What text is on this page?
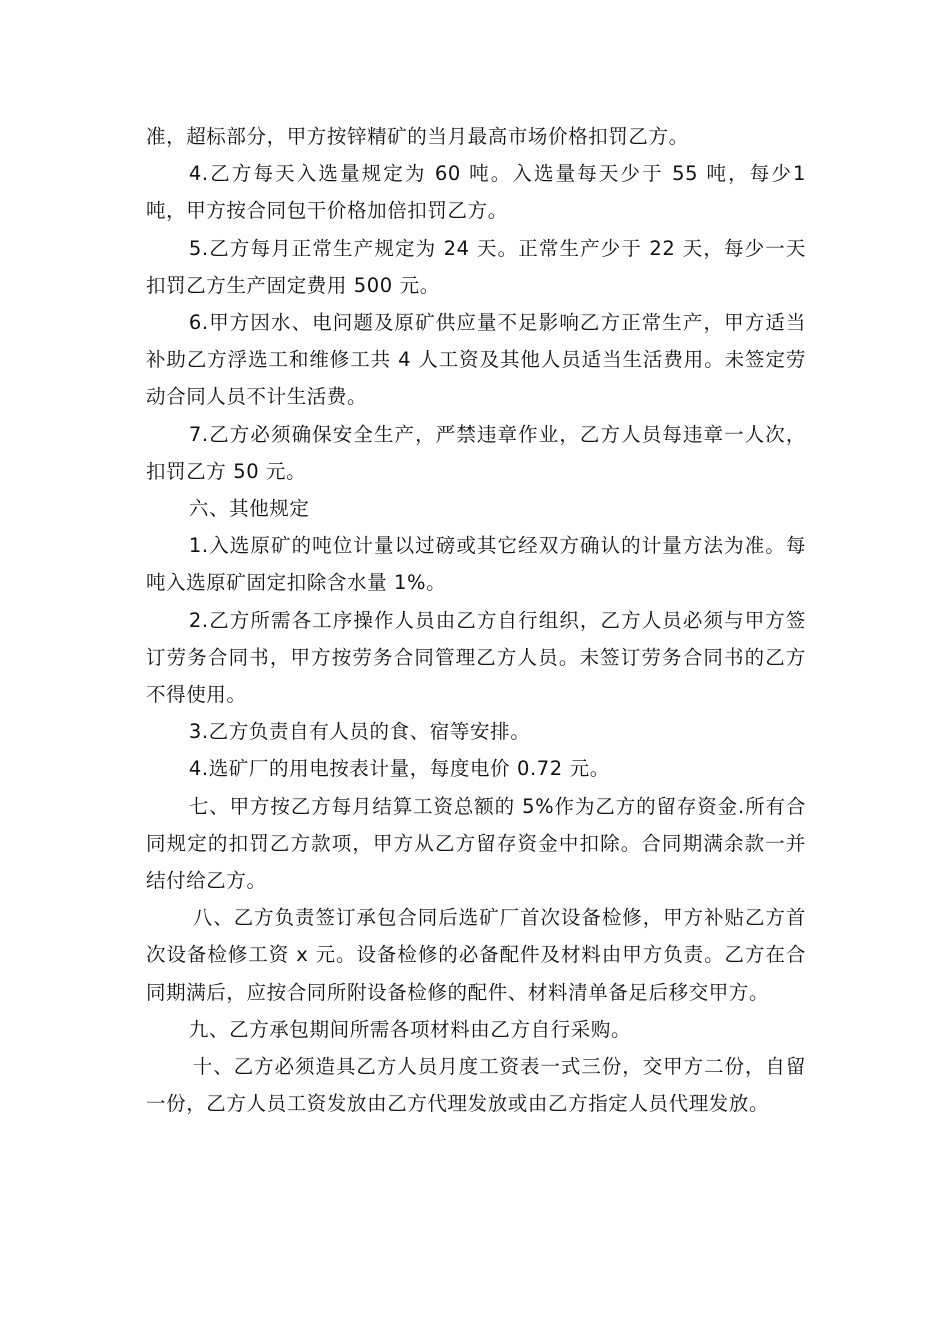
准，超标部分，甲方按锌精矿的当月最高市场价格扣罚乙方。

4.乙方每天入选量规定为 60 吨。入选量每天少于 55 吨，每少1 吨，甲方按合同包干价格加倍扣罚乙方。

5.乙方每月正常生产规定为 24 天。正常生产少于 22 天，每少一天扣罚乙方生产固定费用 500 元。

6.甲方因水、电问题及原矿供应量不足影响乙方正常生产，甲方适当补助乙方浮选工和维修工共 4 人工资及其他人员适当生活费用。未签定劳动合同人员不计生活费。

7.乙方必须确保安全生产，严禁违章作业，乙方人员每违章一人次，扣罚乙方 50 元。

六、其他规定

1.入选原矿的吨位计量以过磅或其它经双方确认的计量方法为准。每吨入选原矿固定扣除含水量 1%。

2.乙方所需各工序操作人员由乙方自行组织，乙方人员必须与甲方签订劳务合同书，甲方按劳务合同管理乙方人员。未签订劳务合同书的乙方不得使用。

3.乙方负责自有人员的食、宿等安排。

4.选矿厂的用电按表计量，每度电价 0.72 元。

七、甲方按乙方每月结算工资总额的 5%作为乙方的留存资金.所有合同规定的扣罚乙方款项，甲方从乙方留存资金中扣除。合同期满余款一并结付给乙方。

八、乙方负责签订承包合同后选矿厂首次设备检修，甲方补贴乙方首次设备检修工资 x 元。设备检修的必备配件及材料由甲方负责。乙方在合同期满后，应按合同所附设备检修的配件、材料清单备足后移交甲方。

九、乙方承包期间所需各项材料由乙方自行采购。

十、乙方必须造具乙方人员月度工资表一式三份，交甲方二份，自留一份，乙方人员工资发放由乙方代理发放或由乙方指定人员代理发放。
